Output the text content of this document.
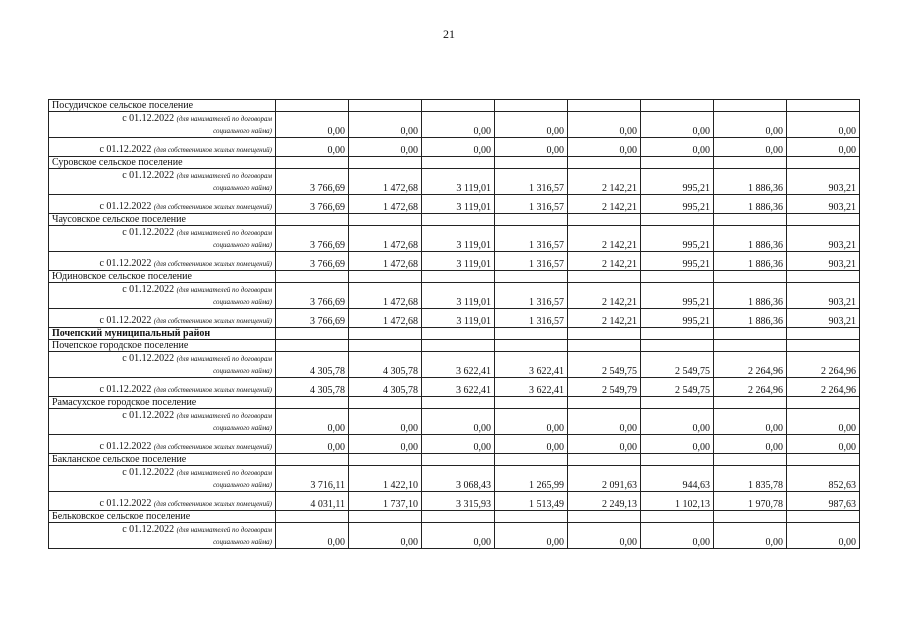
21
Посудичское сельское поселение								
с 01.12.2022 (для нанимателей по договорам
социального найма)	0,00	0,00	0,00	0,00	0,00	0,00	0,00	0,00
с 01.12.2022 (для собственников жилых помещений)	0,00	0,00	0,00	0,00	0,00	0,00	0,00	0,00
Суровское сельское поселение								
с 01.12.2022 (для нанимателей по договорам
социального найма)	3 766,69	1 472,68	3 119,01	1 316,57	2 142,21	995,21	1 886,36	903,21
с 01.12.2022 (для собственников жилых помещений)	3 766,69	1 472,68	3 119,01	1 316,57	2 142,21	995,21	1 886,36	903,21
Чаусовское сельское поселение								
с 01.12.2022 (для нанимателей по договорам
социального найма)	3 766,69	1 472,68	3 119,01	1 316,57	2 142,21	995,21	1 886,36	903,21
с 01.12.2022 (для собственников жилых помещений)	3 766,69	1 472,68	3 119,01	1 316,57	2 142,21	995,21	1 886,36	903,21
Юдиновское сельское поселение								
с 01.12.2022 (для нанимателей по договорам
социального найма)	3 766,69	1 472,68	3 119,01	1 316,57	2 142,21	995,21	1 886,36	903,21
с 01.12.2022 (для собственников жилых помещений)	3 766,69	1 472,68	3 119,01	1 316,57	2 142,21	995,21	1 886,36	903,21
Почепский муниципальный район								
Почепское городское поселение								
с 01.12.2022 (для нанимателей по договорам
социального найма)	4 305,78	4 305,78	3 622,41	3 622,41	2 549,75	2 549,75	2 264,96	2 264,96
с 01.12.2022 (для собственников жилых помещений)	4 305,78	4 305,78	3 622,41	3 622,41	2 549,79	2 549,75	2 264,96	2 264,96
Рамасухское городское поселение								
с 01.12.2022 (для нанимателей по договорам
социального найма)	0,00	0,00	0,00	0,00	0,00	0,00	0,00	0,00
с 01.12.2022 (для собственников жилых помещений)	0,00	0,00	0,00	0,00	0,00	0,00	0,00	0,00
Бакланское сельское поселение								
с 01.12.2022 (для нанимателей по договорам
социального найма)	3 716,11	1 422,10	3 068,43	1 265,99	2 091,63	944,63	1 835,78	852,63
с 01.12.2022 (для собственников жилых помещений)	4 031,11	1 737,10	3 315,93	1 513,49	2 249,13	1 102,13	1 970,78	987,63
Бельковское сельское поселение								
с 01.12.2022 (для нанимателей по договорам
социального найма)	0,00	0,00	0,00	0,00	0,00	0,00	0,00	0,00
